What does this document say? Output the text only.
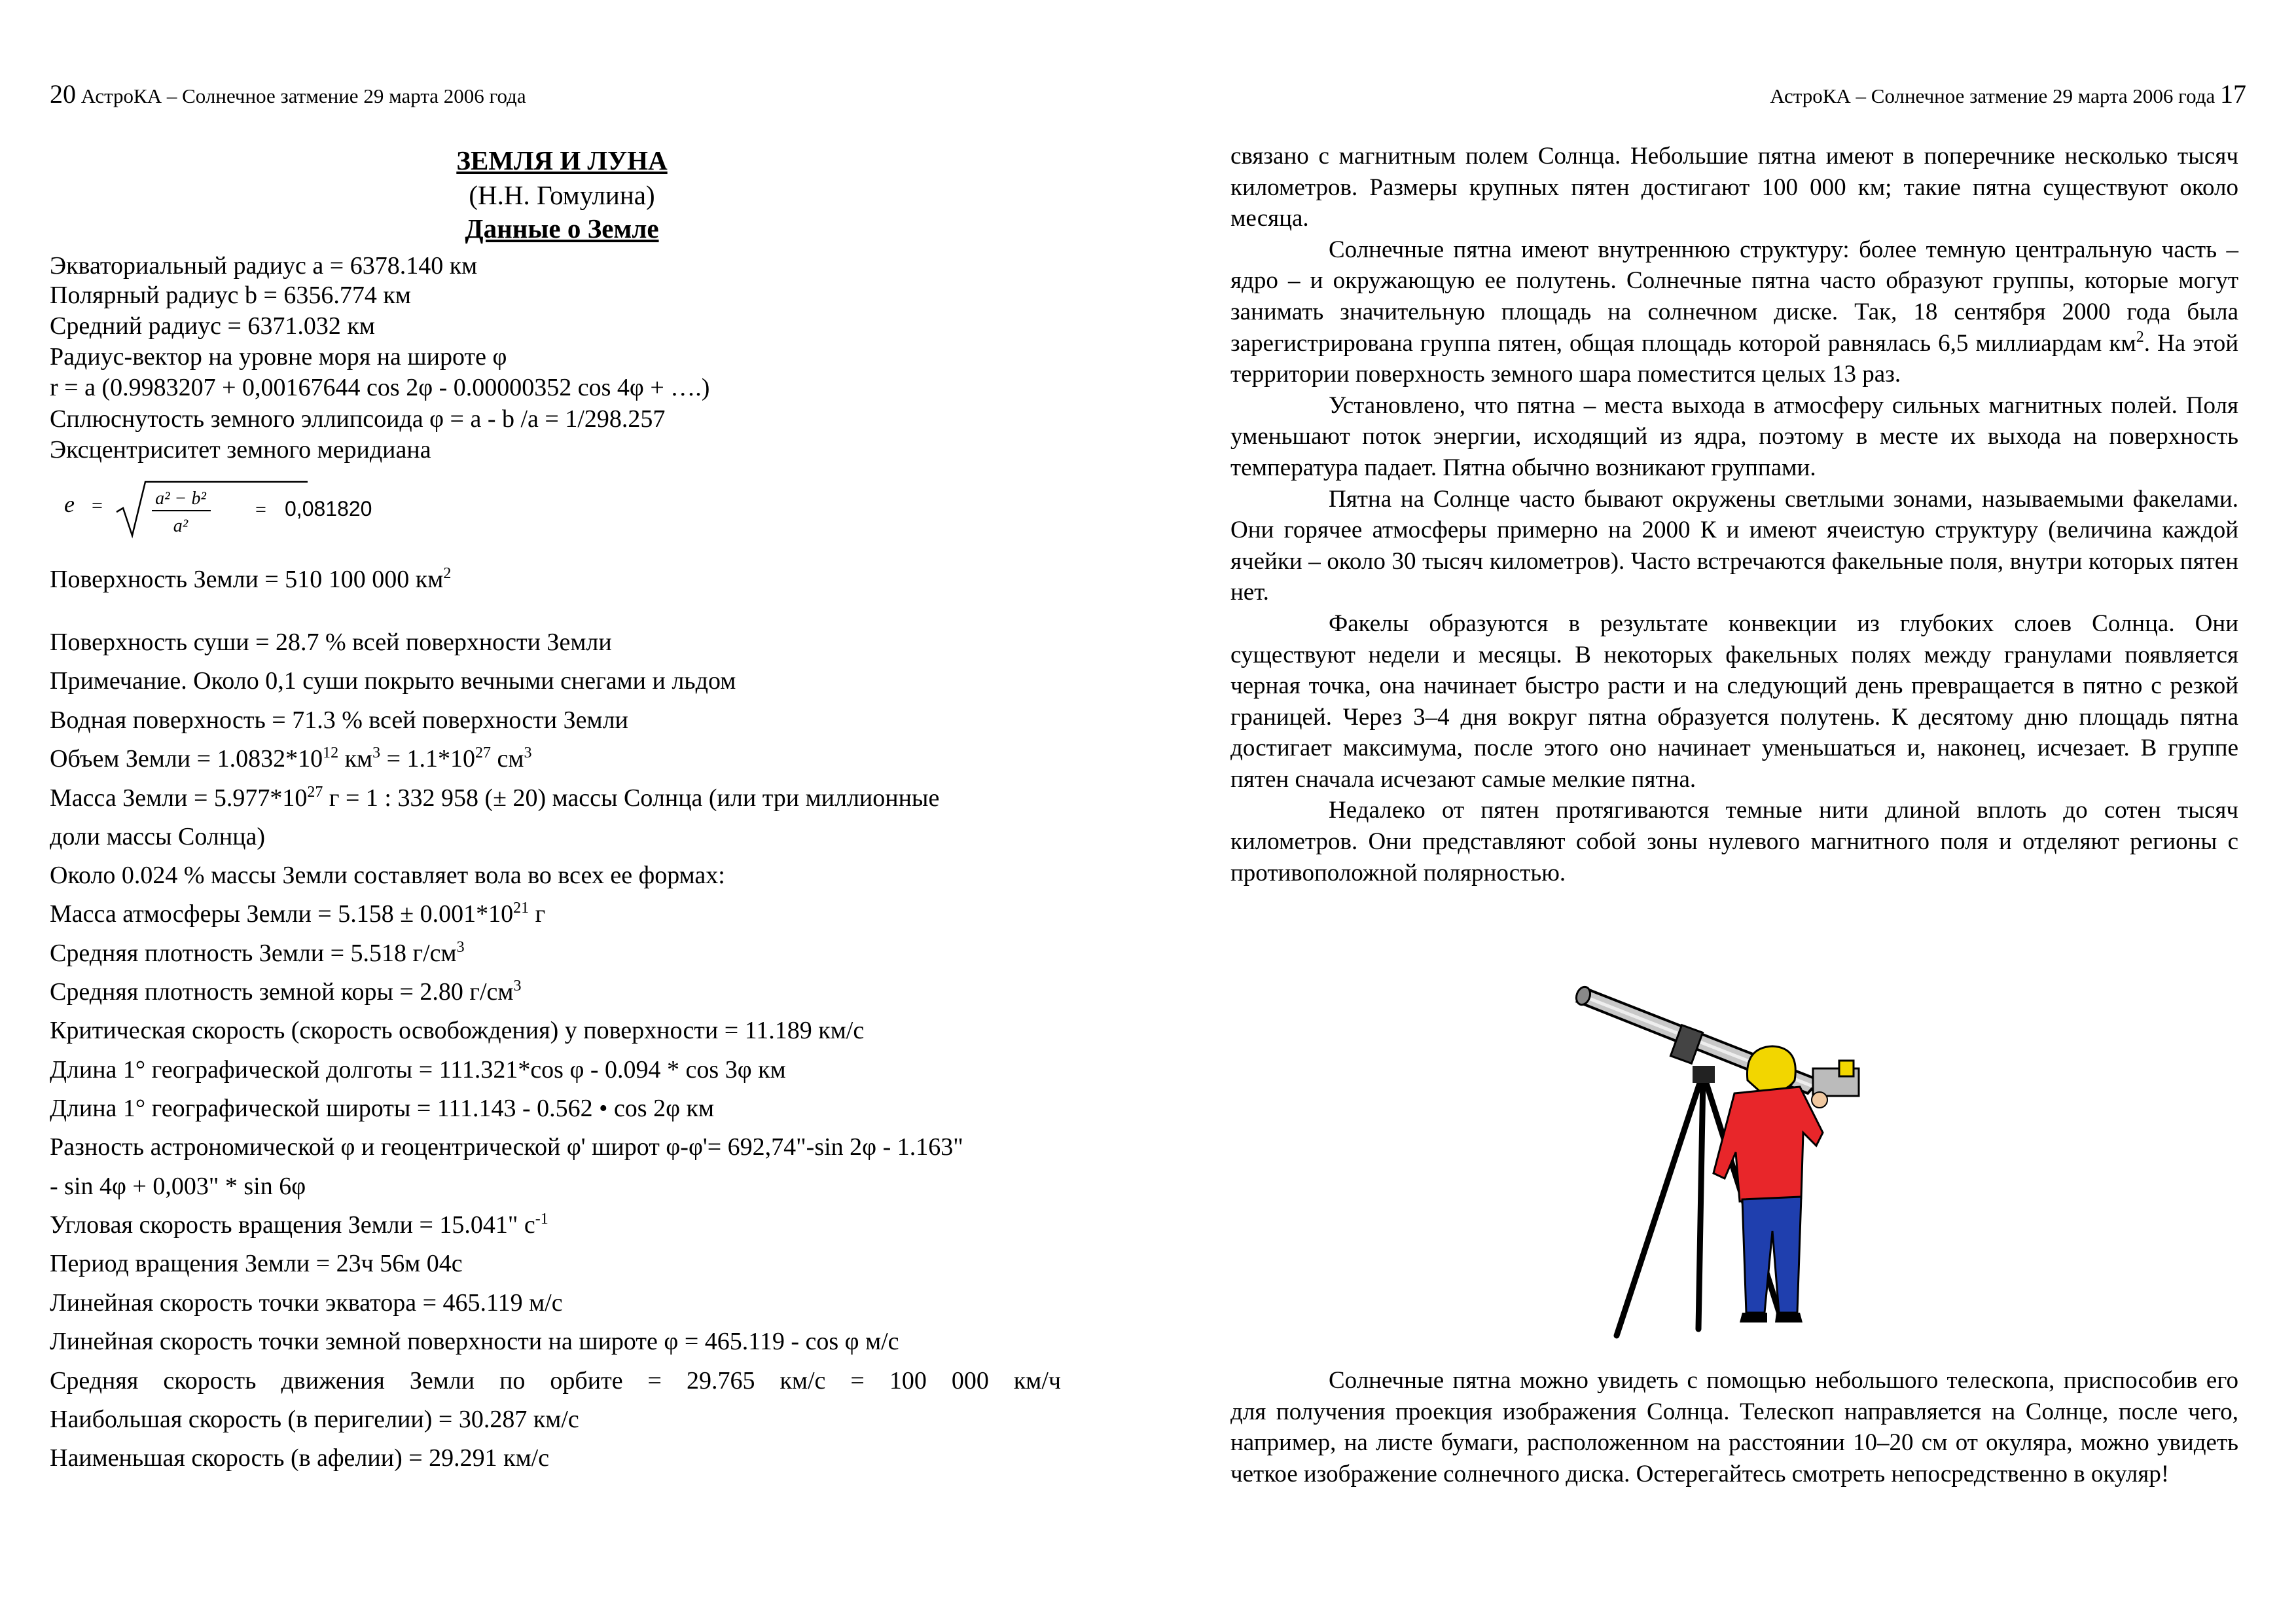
20 АстроКА – Солнечное затмение 29 марта 2006 года
ЗЕМЛЯ И ЛУНА
(Н.Н. Гомулина)
Данные о Земле
Экваториальный радиус a = 6378.140 км
Полярный радиус b = 6356.774 км
Средний радиус = 6371.032 км
Радиус-вектор на уровне моря на широте φ
r = a (0.9983207 + 0,00167644 cos 2φ - 0.00000352 cos 4φ + ….)
Сплюснутость земного эллипсоида φ = a - b /a = 1/298.257
Эксцентриситет земного меридиана
e =	a² − b²
a²
= 0,081820
Поверхность Земли = 510 100 000 $км^2$
Поверхность суши = 28.7 % всей поверхности Земли
Примечание. Около 0,1 суши покрыто вечными снегами и льдом
Водная поверхность = 71.3 % всей поверхности Земли
Объем Земли = $1.0832*10^{12}$ $км^3 = 1.1*10^{27}$ $см^3$
Масса Земли = $5.977*10^{27}$ г = 1 : 332 958 (± 20) массы Солнца (или три миллионные
доли массы Солнца)
Около 0.024 % массы Земли составляет вола во всех ее формах:
Масса атмосферы Земли = $5.158 \pm 0.001*10^{21}$ г
Средняя плотность Земли = 5.518 $г/см^3$
Средняя плотность земной коры = 2.80 $г/см^3$
Критическая скорость (скорость освобождения) у поверхности = 11.189 км/с
Длина 1° географической долготы = 111.321*cos φ - 0.094 * cos 3φ км
Длина 1° географической широты = 111.143 - 0.562 • cos 2φ км
Разность астрономической φ и геоцентрической φ' широт φ-φ'= 692,74"-sin 2φ - 1.163"
- sin 4φ + 0,003" * sin 6φ
Угловая скорость вращения Земли = 15.041" $с^{-1}$
Период вращения Земли = 23ч 56м 04с
Линейная скорость точки экватора = 465.119 м/с
Линейная скорость точки земной поверхности на широте φ = 465.119 - cos φ м/с
Средняя скорость движения Земли по орбите = 29.765 км/с = 100 000 км/ч
Наибольшая скорость (в перигелии) = 30.287 км/с
Наименьшая скорость (в афелии) = 29.291 км/с
АстроКА – Солнечное затмение 29 марта 2006 года 17

связано с магнитным полем Солнца. Небольшие пятна имеют в поперечнике несколько тысяч километров. Размеры крупных пятен достигают 100 000 км; такие пятна существуют около месяца.

Солнечные пятна имеют внутреннюю структуру: более темную центральную часть – ядро – и окружающую ее полутень. Солнечные пятна часто образуют группы, которые могут занимать значительную площадь на солнечном диске. Так, 18 сентября 2000 года была зарегистрирована группа пятен, общая площадь которой равнялась 6,5 миллиардам $км^2$. На этой территории поверхность земного шара поместится целых 13 раз.

Установлено, что пятна – места выхода в атмосферу сильных магнитных полей. Поля уменьшают поток энергии, исходящий из ядра, поэтому в месте их выхода на поверхность температура падает. Пятна обычно возникают группами.

Пятна на Солнце часто бывают окружены светлыми зонами, называемыми факелами. Они горячее атмосферы примерно на 2000 К и имеют ячеистую структуру (величина каждой ячейки – около 30 тысяч километров). Часто встречаются факельные поля, внутри которых пятен нет.

Факелы образуются в результате конвекции из глубоких слоев Солнца. Они существуют недели и месяцы. В некоторых факельных полях между гранулами появляется черная точка, она начинает быстро расти и на следующий день превращается в пятно с резкой границей. Через 3–4 дня вокруг пятна образуется полутень. К десятому дню площадь пятна достигает максимума, после этого оно начинает уменьшаться и, наконец, исчезает. В группе пятен сначала исчезают самые мелкие пятна.

Недалеко от пятен протягиваются темные нити длиной вплоть до сотен тысяч километров. Они представляют собой зоны нулевого магнитного поля и отделяют регионы с противоположной полярностью.

Солнечные пятна можно увидеть с помощью небольшого телескопа, приспособив его для получения проекция изображения Солнца. Телескоп направляется на Солнце, после чего, например, на листе бумаги, расположенном на расстоянии 10–20 см от окуляра, можно увидеть четкое изображение солнечного диска. Остерегайтесь смотреть непосредственно в окуляр!
